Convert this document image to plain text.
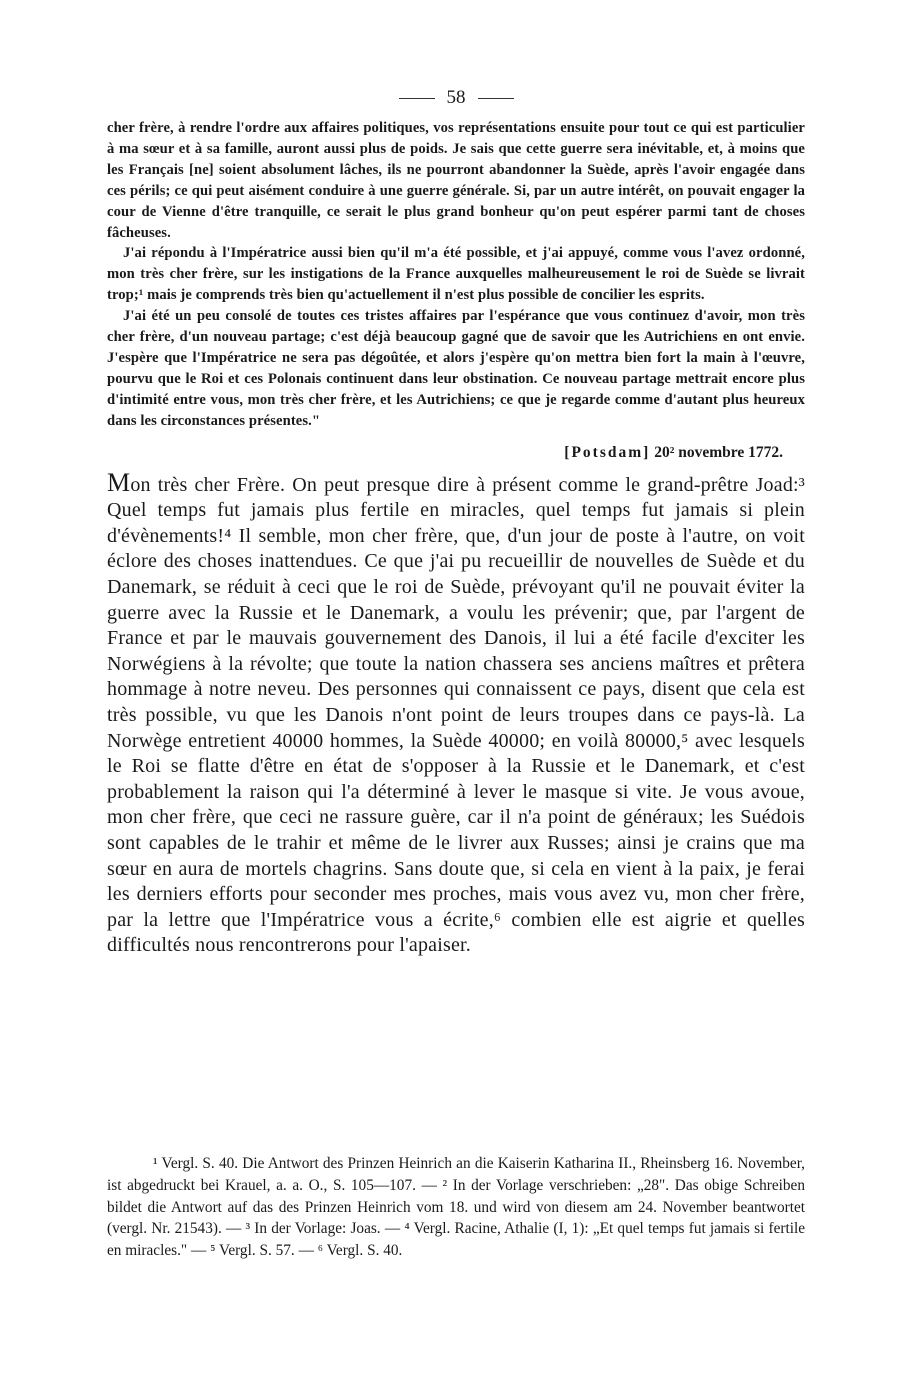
58

cher frère, à rendre l'ordre aux affaires politiques, vos représentations ensuite pour tout ce qui est particulier à ma sœur et à sa famille, auront aussi plus de poids. Je sais que cette guerre sera inévitable, et, à moins que les Français [ne] soient absolument lâches, ils ne pourront abandonner la Suède, après l'avoir engagée dans ces périls; ce qui peut aisément conduire à une guerre générale. Si, par un autre intérêt, on pouvait engager la cour de Vienne d'être tranquille, ce serait le plus grand bonheur qu'on peut espérer parmi tant de choses fâcheuses.

J'ai répondu à l'Impératrice aussi bien qu'il m'a été possible, et j'ai appuyé, comme vous l'avez ordonné, mon très cher frère, sur les instigations de la France auxquelles malheureusement le roi de Suède se livrait trop;¹ mais je comprends très bien qu'actuellement il n'est plus possible de concilier les esprits.

J'ai été un peu consolé de toutes ces tristes affaires par l'espérance que vous continuez d'avoir, mon très cher frère, d'un nouveau partage; c'est déjà beaucoup gagné que de savoir que les Autrichiens en ont envie. J'espère que l'Impératrice ne sera pas dégoûtée, et alors j'espère qu'on mettra bien fort la main à l'œuvre, pourvu que le Roi et ces Polonais continuent dans leur obstination. Ce nouveau partage mettrait encore plus d'intimité entre vous, mon très cher frère, et les Autrichiens; ce que je regarde comme d'autant plus heureux dans les circonstances présentes."

[Potsdam] 20² novembre 1772.

Mon très cher Frère. On peut presque dire à présent comme le grand-prêtre Joad:³ Quel temps fut jamais plus fertile en miracles, quel temps fut jamais si plein d'évènements!⁴ Il semble, mon cher frère, que, d'un jour de poste à l'autre, on voit éclore des choses inattendues. Ce que j'ai pu recueillir de nouvelles de Suède et du Danemark, se réduit à ceci que le roi de Suède, prévoyant qu'il ne pouvait éviter la guerre avec la Russie et le Danemark, a voulu les prévenir; que, par l'argent de France et par le mauvais gouvernement des Danois, il lui a été facile d'exciter les Norwégiens à la révolte; que toute la nation chassera ses anciens maîtres et prêtera hommage à notre neveu. Des personnes qui connaissent ce pays, disent que cela est très possible, vu que les Danois n'ont point de leurs troupes dans ce pays-là. La Norwège entretient 40000 hommes, la Suède 40000; en voilà 80000,⁵ avec lesquels le Roi se flatte d'être en état de s'opposer à la Russie et le Danemark, et c'est probablement la raison qui l'a déterminé à lever le masque si vite. Je vous avoue, mon cher frère, que ceci ne rassure guère, car il n'a point de généraux; les Suédois sont capables de le trahir et même de le livrer aux Russes; ainsi je crains que ma sœur en aura de mortels chagrins. Sans doute que, si cela en vient à la paix, je ferai les derniers efforts pour seconder mes proches, mais vous avez vu, mon cher frère, par la lettre que l'Impératrice vous a écrite,⁶ combien elle est aigrie et quelles difficultés nous rencontrerons pour l'apaiser.

¹ Vergl. S. 40. Die Antwort des Prinzen Heinrich an die Kaiserin Katharina II., Rheinsberg 16. November, ist abgedruckt bei Krauel, a. a. O., S. 105—107. — ² In der Vorlage verschrieben: „28". Das obige Schreiben bildet die Antwort auf das des Prinzen Heinrich vom 18. und wird von diesem am 24. November beantwortet (vergl. Nr. 21543). — ³ In der Vorlage: Joas. — ⁴ Vergl. Racine, Athalie (I, 1): „Et quel temps fut jamais si fertile en miracles." — ⁵ Vergl. S. 57. — ⁶ Vergl. S. 40.
